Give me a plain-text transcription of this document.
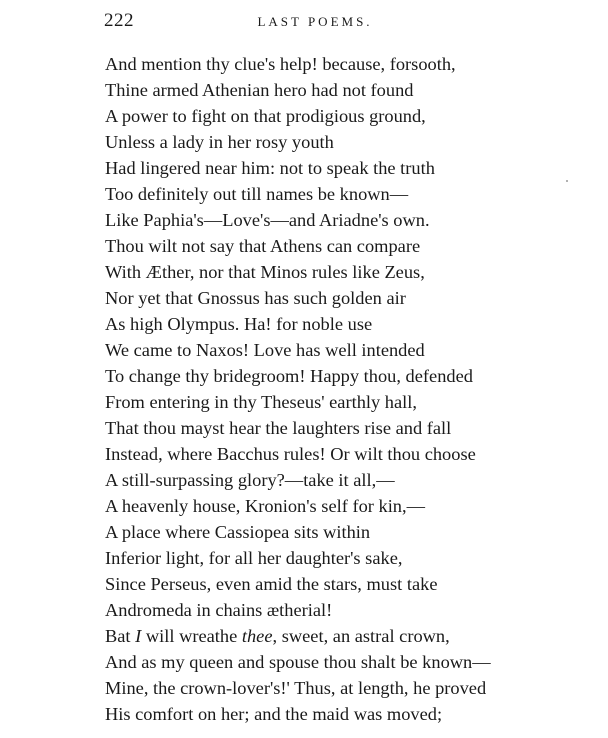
222	LAST POEMS.
And mention thy clue's help! because, forsooth,
Thine armed Athenian hero had not found
A power to fight on that prodigious ground,
Unless a lady in her rosy youth
Had lingered near him: not to speak the truth
Too definitely out till names be known—
Like Paphia's—Love's—and Ariadne's own.
Thou wilt not say that Athens can compare
With Æther, nor that Minos rules like Zeus,
Nor yet that Gnossus has such golden air
As high Olympus. Ha! for noble use
We came to Naxos! Love has well intended
To change thy bridegroom! Happy thou, defended
From entering in thy Theseus' earthly hall,
That thou mayst hear the laughters rise and fall
Instead, where Bacchus rules! Or wilt thou choose
A still-surpassing glory?—take it all,—
A heavenly house, Kronion's self for kin,—
A place where Cassiopea sits within
Inferior light, for all her daughter's sake,
Since Perseus, even amid the stars, must take
Andromeda in chains ætherial!
Bat I will wreathe thee, sweet, an astral crown,
And as my queen and spouse thou shalt be known—
Mine, the crown-lover's!' Thus, at length, he proved
His comfort on her; and the maid was moved;
